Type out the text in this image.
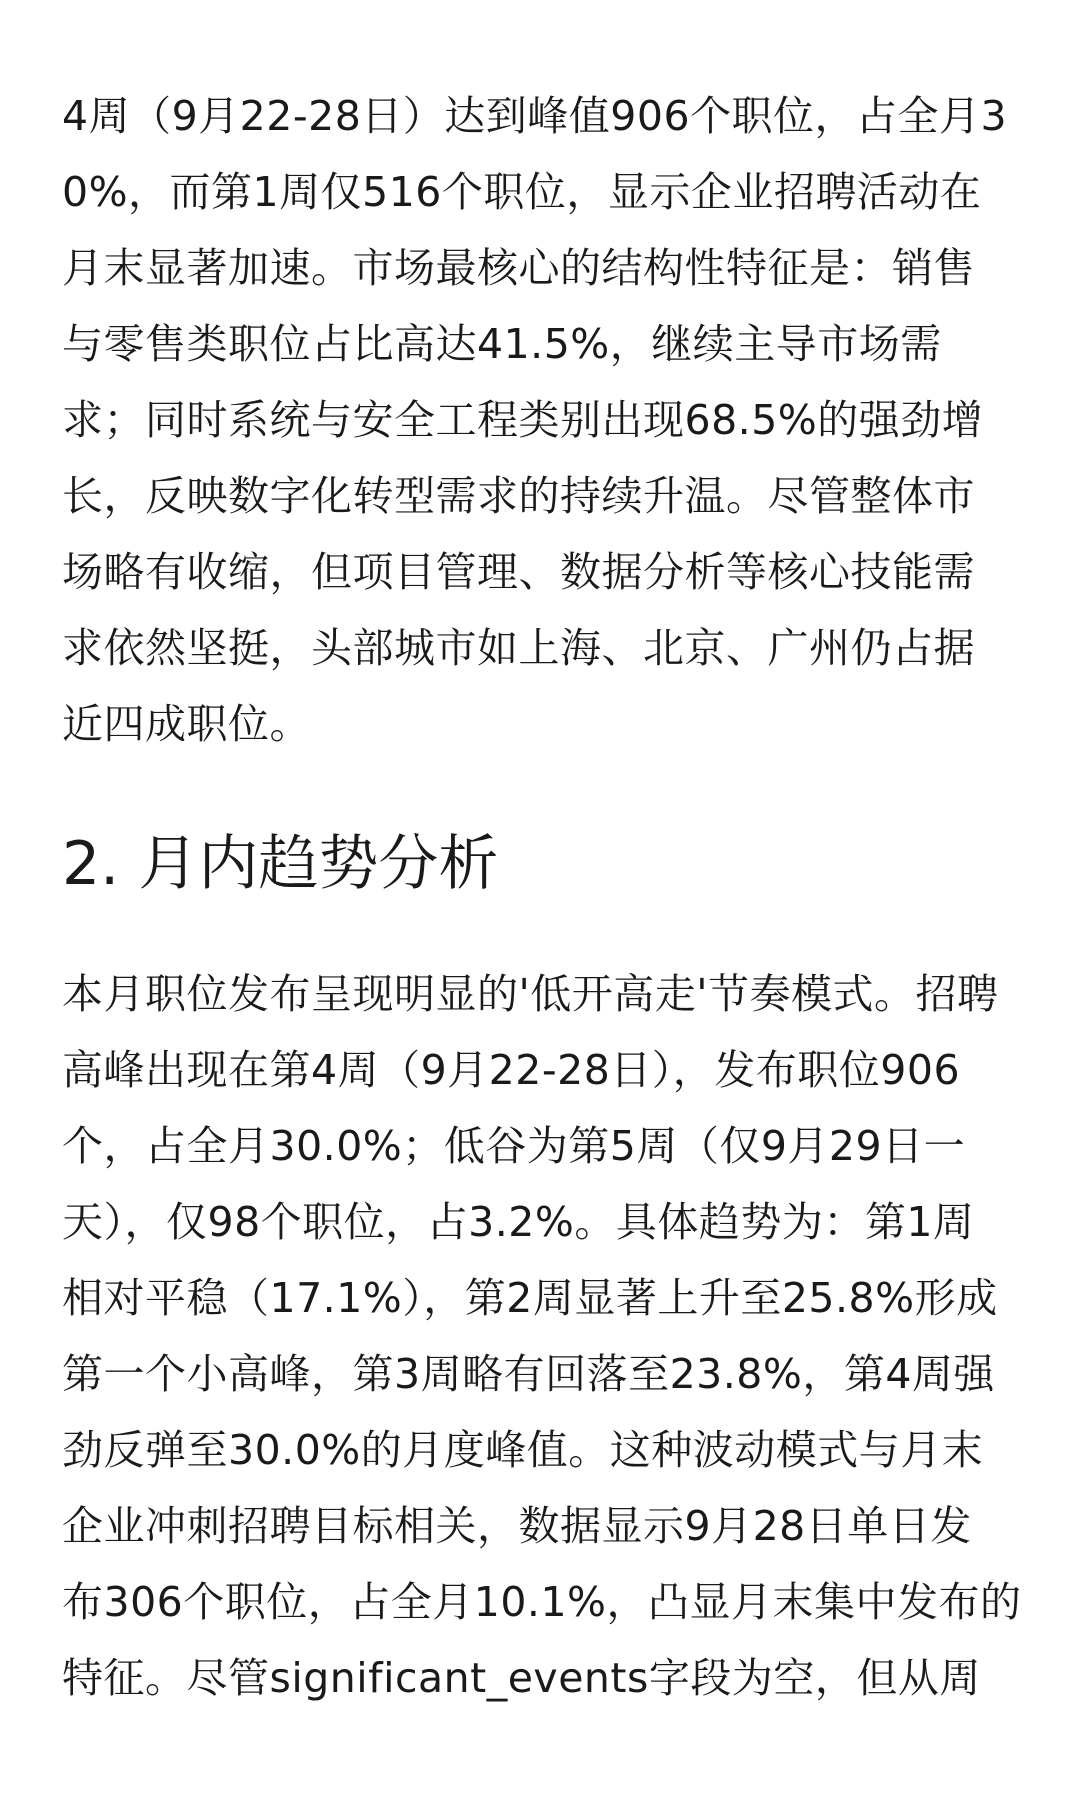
4周（9月22-28日）达到峰值906个职位，占全月3
0%，而第1周仅516个职位，显示企业招聘活动在
月末显著加速。市场最核心的结构性特征是：销售
与零售类职位占比高达41.5%，继续主导市场需
求；同时系统与安全工程类别出现68.5%的强劲增
长，反映数字化转型需求的持续升温。尽管整体市
场略有收缩，但项目管理、数据分析等核心技能需
求依然坚挺，头部城市如上海、北京、广州仍占据
近四成职位。

2. 月内趋势分析

本月职位发布呈现明显的'低开高走'节奏模式。招聘
高峰出现在第4周（9月22-28日），发布职位906
个，占全月30.0%；低谷为第5周（仅9月29日一
天），仅98个职位，占3.2%。具体趋势为：第1周
相对平稳（17.1%），第2周显著上升至25.8%形成
第一个小高峰，第3周略有回落至23.8%，第4周强
劲反弹至30.0%的月度峰值。这种波动模式与月末
企业冲刺招聘目标相关，数据显示9月28日单日发
布306个职位，占全月10.1%，凸显月末集中发布的
特征。尽管significant_events字段为空，但从周
